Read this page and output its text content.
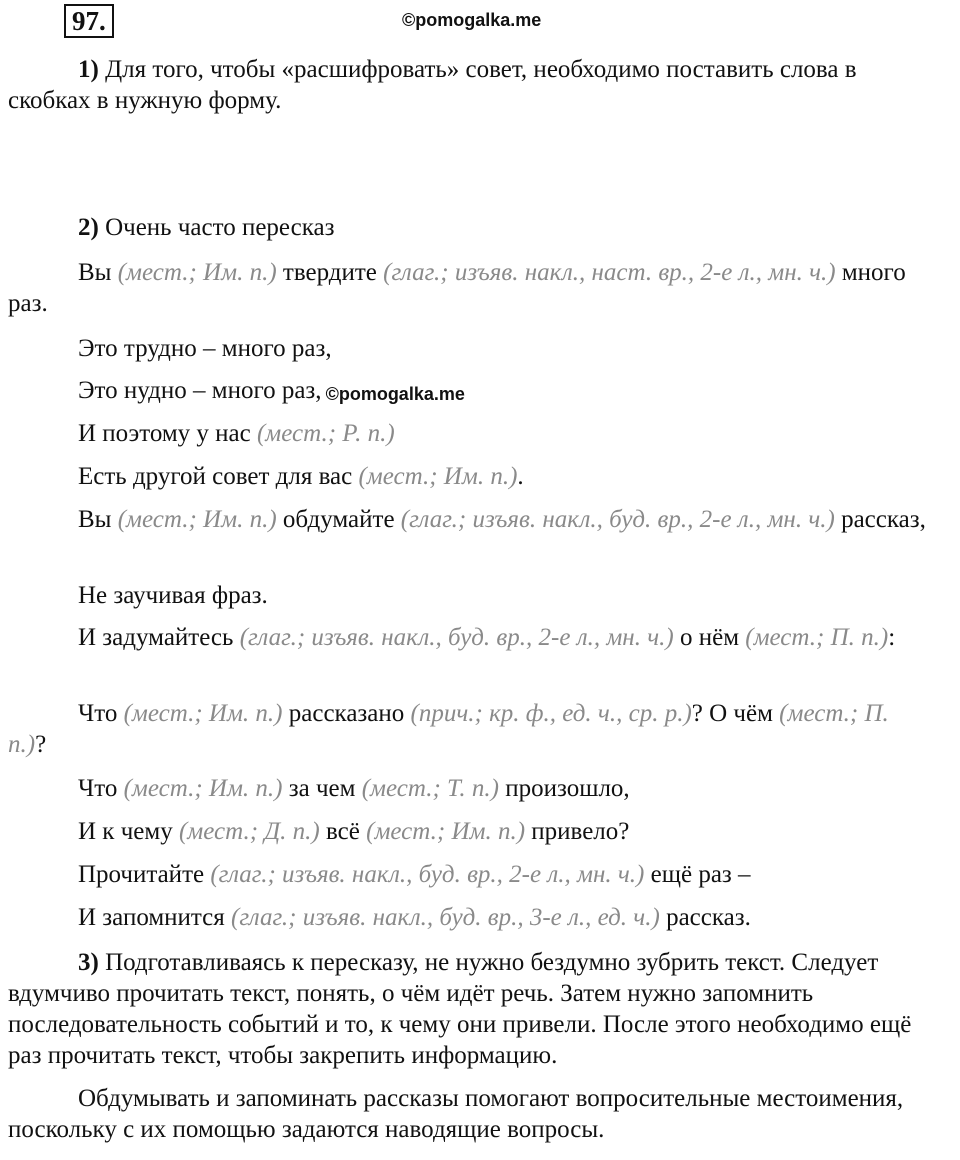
97.	©pomogalka.me

1) Для того, чтобы «расшифровать» совет, необходимо поставить слова в скобках в нужную форму.

2) Очень часто пересказ

Вы (мест.; Им. п.) твердите (глаг.; изъяв. накл., наст. вр., 2-е л., мн. ч.) много раз.

Это трудно – много раз,

Это нудно – много раз, ©pomogalka.me

И поэтому у нас (мест.; Р. п.)

Есть другой совет для вас (мест.; Им. п.).

Вы (мест.; Им. п.) обдумайте (глаг.; изъяв. накл., буд. вр., 2-е л., мн. ч.) рассказ,

Не заучивая фраз.

И задумайтесь (глаг.; изъяв. накл., буд. вр., 2-е л., мн. ч.) о нём (мест.; П. п.):

Что (мест.; Им. п.) рассказано (прич.; кр. ф., ед. ч., ср. р.)? О чём (мест.; П. п.)?

Что (мест.; Им. п.) за чем (мест.; Т. п.) произошло,

И к чему (мест.; Д. п.) всё (мест.; Им. п.) привело?

Прочитайте (глаг.; изъяв. накл., буд. вр., 2-е л., мн. ч.) ещё раз –

И запомнится (глаг.; изъяв. накл., буд. вр., 3-е л., ед. ч.) рассказ.

3) Подготавливаясь к пересказу, не нужно бездумно зубрить текст. Следует вдумчиво прочитать текст, понять, о чём идёт речь. Затем нужно запомнить последовательность событий и то, к чему они привели. После этого необходимо ещё раз прочитать текст, чтобы закрепить информацию.

Обдумывать и запоминать рассказы помогают вопросительные местоимения, поскольку с их помощью задаются наводящие вопросы.
